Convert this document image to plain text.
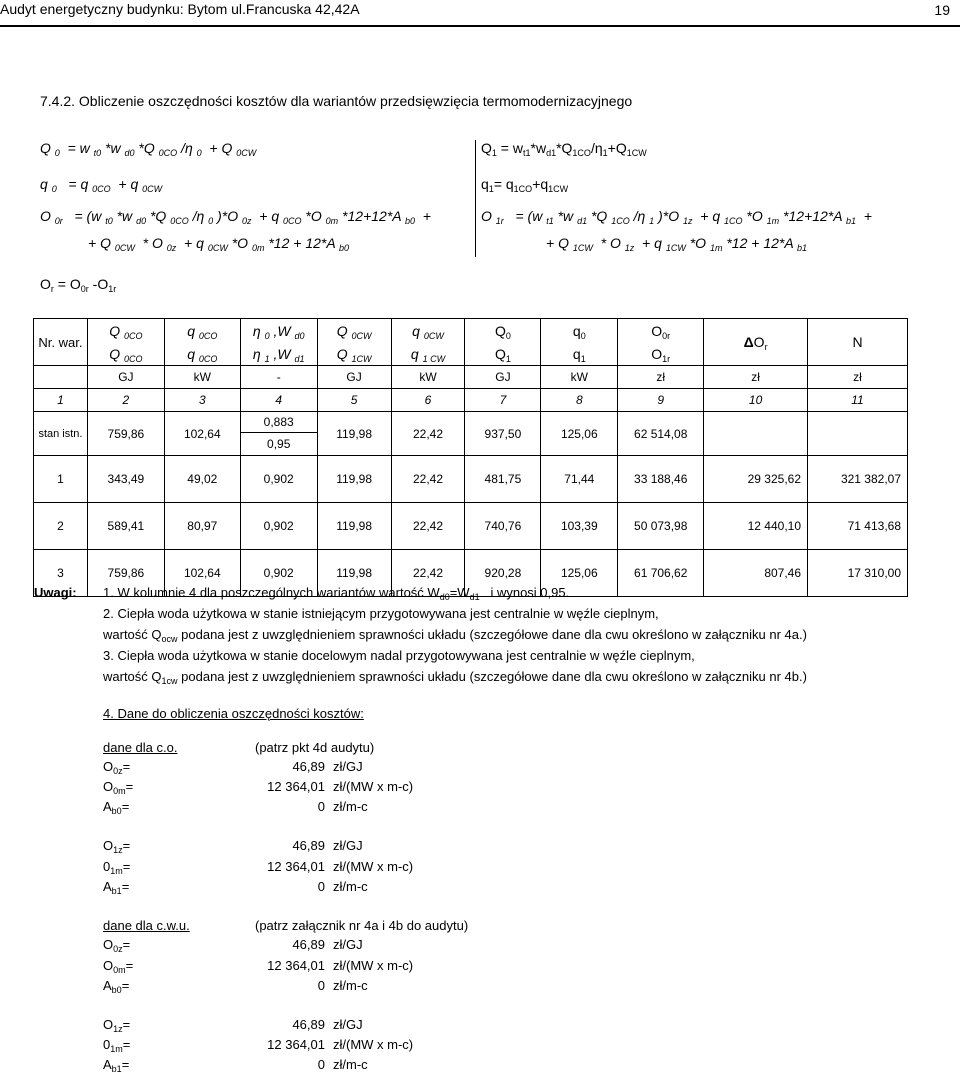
Audyt energetyczny budynku: Bytom ul.Francuska 42,42A	19
7.4.2. Obliczenie oszczędności kosztów dla wariantów przedsięwzięcia termomodernizacyjnego
Q $_0$  = w $_{t0}$ *w $_{d0}$ *Q $_{0CO}$ /η $_0$  + Q $_{0CW}$
q $_0$   = q $_{0CO}$  + q $_{0CW}$
O $_{0r}$   = (w $_{t0}$ *w $_{d0}$ *Q $_{0CO}$ /η $_0$ )*O $_{0z}$  + q $_{0CO}$ *O $_{0m}$ *12+12*A $_{b0}$  +
+ Q $_{0CW}$  * O $_{0z}$  + q $_{0CW}$ *O $_{0m}$ *12 + 12*A $_{b0}$
$Q_1 = w_{t1}*w_{d1}*Q_{1CO}/\eta_1+Q_{1CW}$
$q_1= q_{1CO}+q_{1CW}$
O $_{1r}$   = (w $_{t1}$ *w $_{d1}$ *Q $_{1CO}$ /η $_1$ )*O $_{1z}$  + q $_{1CO}$ *O $_{1m}$ *12+12*A $_{b1}$  +
+ Q $_{1CW}$  * O $_{1z}$  + q $_{1CW}$ *O $_{1m}$ *12 + 12*A $_{b1}$
$O_r = O_{0r}$ $-O_{1r}$
Nr. war.	Q $_{0CO}$	q $_{0CO}$	η $_0$ ,W $_{d0}$	Q $_{0CW}$	q $_{0CW}$	$Q_0$	$q_0$	$O_{0r}$	$\Delta O_r$	N
	Q $_{0CO}$	q $_{0CO}$	η $_1$ ,W $_{d1}$	Q $_{1CW}$	q $_{1 CW}$	$Q_1$	$q_1$	$O_{1r}$
	GJ	kW	-	GJ	kW	GJ	kW	zł	zł	zł
1	2	3	4	5	6	7	8	9	10	11
stan istn.	759,86	102,64	0,883	119,98	22,42	937,50	125,06	62 514,08		
			0,95							
1	343,49	49,02	0,902	119,98	22,42	481,75	71,44	33 188,46	29 325,62	321 382,07
2	589,41	80,97	0,902	119,98	22,42	740,76	103,39	50 073,98	12 440,10	71 413,68
3	759,86	102,64	0,902	119,98	22,42	920,28	125,06	61 706,62	807,46	17 310,00
Uwagi: 1. W kolumnie 4 dla poszczególnych wariantów wartość $W_{d0}=W_{d1}$ i wynosi 0,95.
2. Ciepła woda użytkowa w stanie istniejącym przygotowywana jest centralnie w węźle cieplnym,
wartość $Q_{ocw}$ podana jest z uwzględnieniem sprawności układu (szczegółowe dane dla cwu określono w załączniku nr 4a.)
3. Ciepła woda użytkowa w stanie docelowym nadal przygotowywana jest centralnie w węźle cieplnym,
wartość $Q_{1cw}$ podana jest z uwzględnieniem sprawności układu (szczegółowe dane dla cwu określono w załączniku nr 4b.)
4. Dane do obliczenia oszczędności kosztów:
dane dla c.o.	(patrz pkt 4d audytu)
$O_{0z}=$	46,89 zł/GJ
$O_{0m}=$	12 364,01 zł/(MW x m-c)
$A_{b0}=$	0 zł/m-c
$O_{1z}=$	46,89 zł/GJ
$0_{1m}=$	12 364,01 zł/(MW x m-c)
$A_{b1}=$	0 zł/m-c
dane dla c.w.u.	(patrz załącznik nr 4a i 4b do audytu)
$O_{0z}=$	46,89 zł/GJ
$O_{0m}=$	12 364,01 zł/(MW x m-c)
$A_{b0}=$	0 zł/m-c
$O_{1z}=$	46,89 zł/GJ
$0_{1m}=$	12 364,01 zł/(MW x m-c)
$A_{b1}=$	0 zł/m-c
